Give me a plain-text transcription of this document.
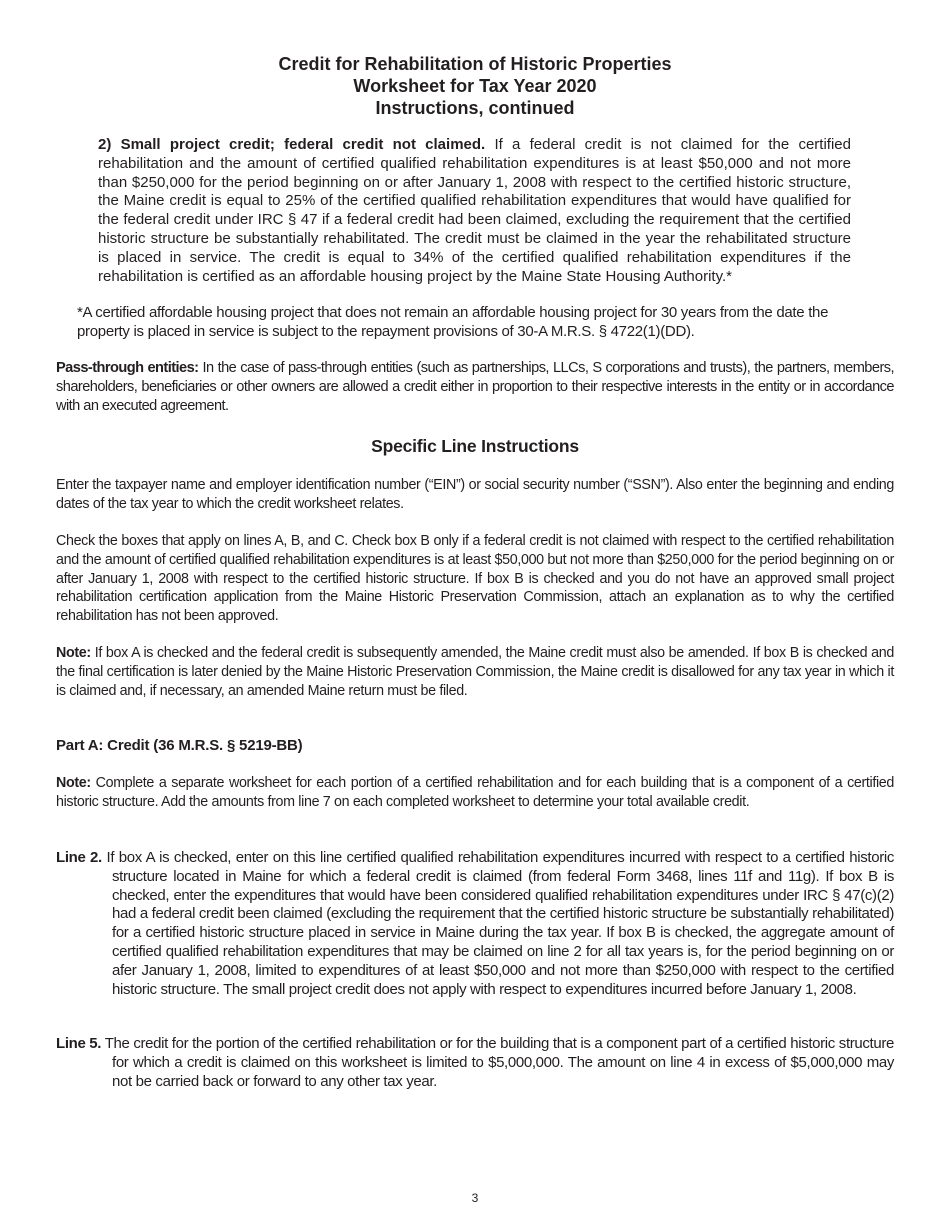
Credit for Rehabilitation of Historic Properties
Worksheet for Tax Year 2020
Instructions, continued
2) Small project credit; federal credit not claimed. If a federal credit is not claimed for the certified rehabilitation and the amount of certified qualified rehabilitation expenditures is at least $50,000 and not more than $250,000 for the period beginning on or after January 1, 2008 with respect to the certified historic structure, the Maine credit is equal to 25% of the certified qualified rehabilitation expenditures that would have qualified for the federal credit under IRC § 47 if a federal credit had been claimed, excluding the requirement that the certified historic structure be substantially rehabilitated. The credit must be claimed in the year the rehabilitated structure is placed in service. The credit is equal to 34% of the certified qualified rehabilitation expenditures if the rehabilitation is certified as an affordable housing project by the Maine State Housing Authority.*
*A certified affordable housing project that does not remain an affordable housing project for 30 years from the date the property is placed in service is subject to the repayment provisions of 30-A M.R.S. § 4722(1)(DD).
Pass-through entities: In the case of pass-through entities (such as partnerships, LLCs, S corporations and trusts), the partners, members, shareholders, beneficiaries or other owners are allowed a credit either in proportion to their respective interests in the entity or in accordance with an executed agreement.
Specific Line Instructions
Enter the taxpayer name and employer identification number (“EIN”) or social security number (“SSN”). Also enter the beginning and ending dates of the tax year to which the credit worksheet relates.
Check the boxes that apply on lines A, B, and C. Check box B only if a federal credit is not claimed with respect to the certified rehabilitation and the amount of certified qualified rehabilitation expenditures is at least $50,000 but not more than $250,000 for the period beginning on or after January 1, 2008 with respect to the certified historic structure. If box B is checked and you do not have an approved small project rehabilitation certification application from the Maine Historic Preservation Commission, attach an explanation as to why the certified rehabilitation has not been approved.
Note: If box A is checked and the federal credit is subsequently amended, the Maine credit must also be amended. If box B is checked and the final certification is later denied by the Maine Historic Preservation Commission, the Maine credit is disallowed for any tax year in which it is claimed and, if necessary, an amended Maine return must be filed.
Part A: Credit (36 M.R.S. § 5219-BB)
Note: Complete a separate worksheet for each portion of a certified rehabilitation and for each building that is a component of a certified historic structure. Add the amounts from line 7 on each completed worksheet to determine your total available credit.
Line 2. If box A is checked, enter on this line certified qualified rehabilitation expenditures incurred with respect to a certified historic structure located in Maine for which a federal credit is claimed (from federal Form 3468, lines 11f and 11g). If box B is checked, enter the expenditures that would have been considered qualified rehabilitation expenditures under IRC § 47(c)(2) had a federal credit been claimed (excluding the requirement that the certified historic structure be substantially rehabilitated) for a certified historic structure placed in service in Maine during the tax year. If box B is checked, the aggregate amount of certified qualified rehabilitation expenditures that may be claimed on line 2 for all tax years is, for the period beginning on or afer January 1, 2008, limited to expenditures of at least $50,000 and not more than $250,000 with respect to the certified historic structure. The small project credit does not apply with respect to expenditures incurred before January 1, 2008.
Line 5. The credit for the portion of the certified rehabilitation or for the building that is a component part of a certified historic structure for which a credit is claimed on this worksheet is limited to $5,000,000. The amount on line 4 in excess of $5,000,000 may not be carried back or forward to any other tax year.
3
